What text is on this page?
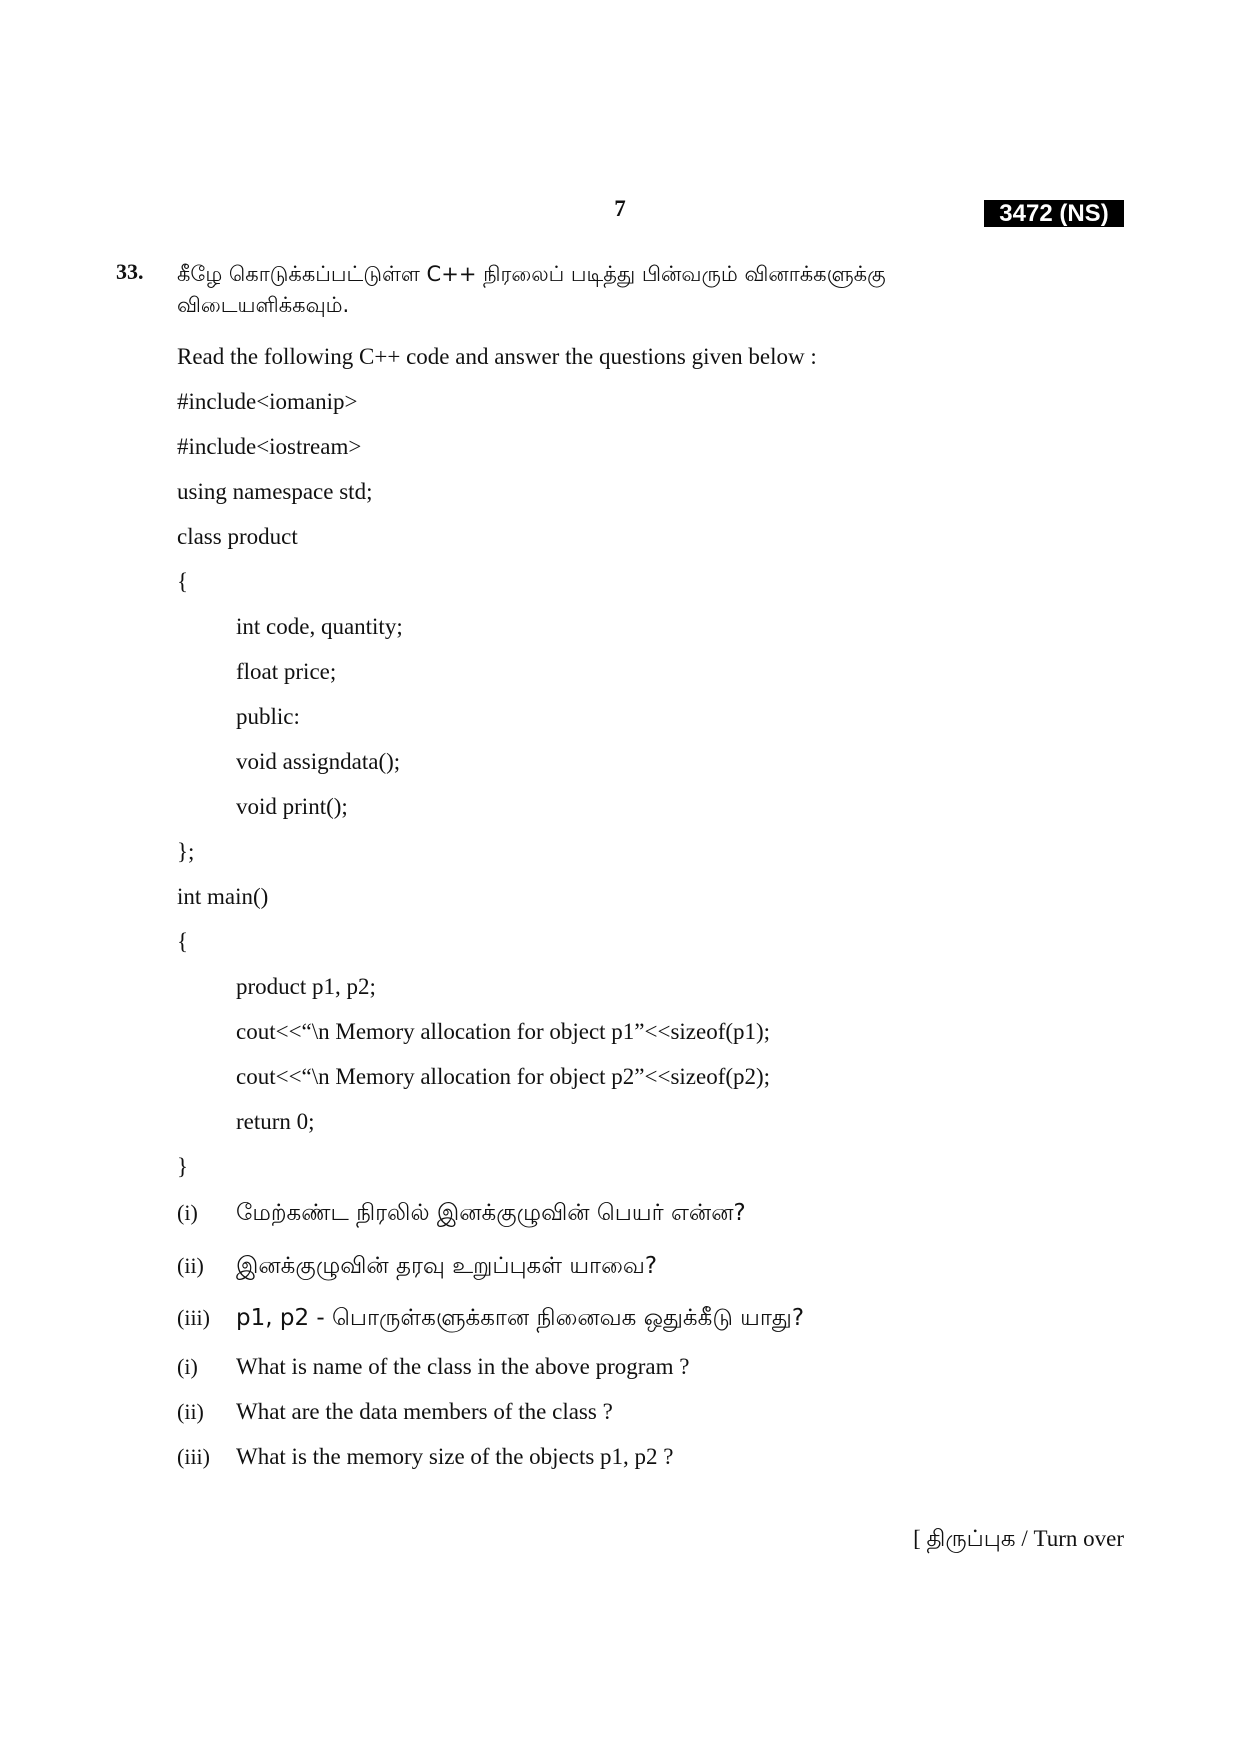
7	3472 (NS)
33. கீழே கொடுக்கப்பட்டுள்ள C++ நிரலைப் படித்து பின்வரும் வினாக்களுக்கு
விடையளிக்கவும்.
Read the following C++ code and answer the questions given below :
#include<iomanip>
#include<iostream>
using namespace std;
class product
{
int code, quantity;
float price;
public:
void assigndata();
void print();
};
int main()
{
product p1, p2;
cout<<“\n Memory allocation for object p1”<<sizeof(p1);
cout<<“\n Memory allocation for object p2”<<sizeof(p2);
return 0;
}
(i) மேற்கண்ட நிரலில் இனக்குழுவின் பெயர் என்ன?
(ii) இனக்குழுவின் தரவு உறுப்புகள் யாவை?
(iii) p1, p2 - பொருள்களுக்கான நினைவக ஒதுக்கீடு யாது?
(i) What is name of the class in the above program ?
(ii) What are the data members of the class ?
(iii) What is the memory size of the objects p1, p2 ?
[ திருப்புக / Turn over
